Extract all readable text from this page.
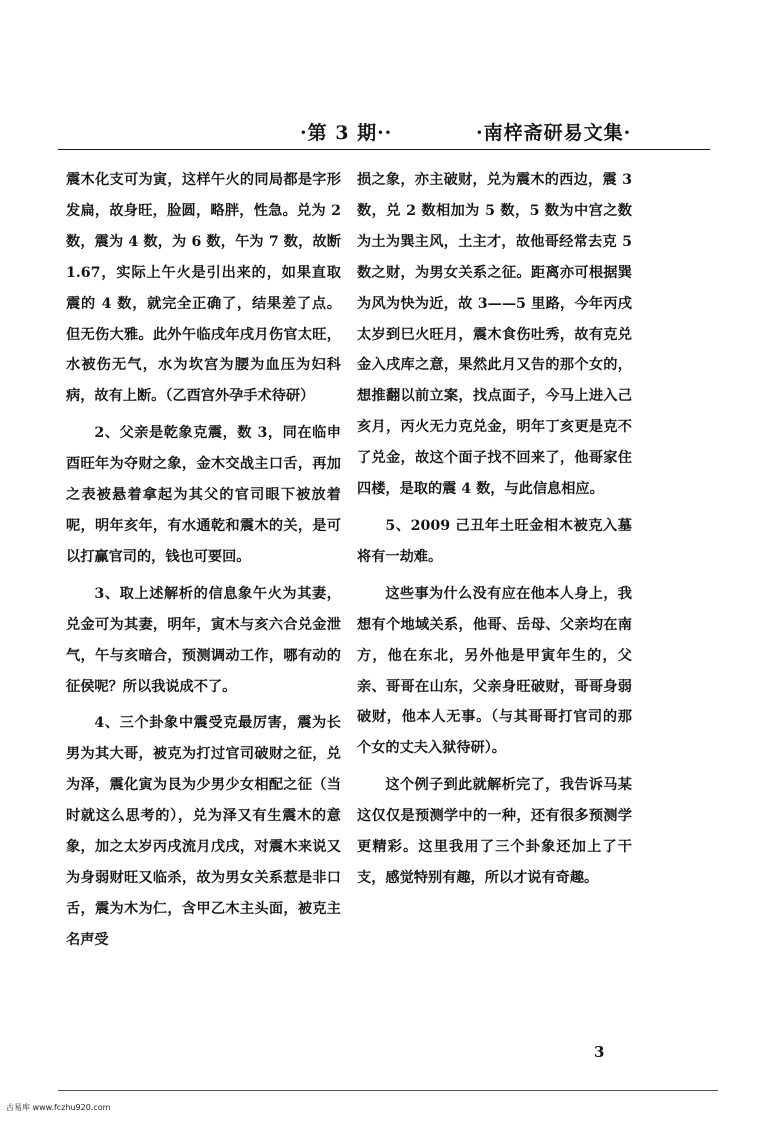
·第 3 期··	·南梓斋研易文集·

震木化支可为寅，这样午火的同局都是字形发扁，故身旺，脸圆，略胖，性急。兑为 2 数，震为 4 数，为 6 数，午为 7 数，故断 1.67，实际上午火是引出来的，如果直取震的 4 数，就完全正确了，结果差了点。但无伤大雅。此外午临戌年戌月伤官太旺，水被伤无气，水为坎宫为腰为血压为妇科病，故有上断。（乙酉宫外孕手术待研）

2、父亲是乾象克震，数 3，同在临申酉旺年为夺财之象，金木交战主口舌，再加之表被悬着拿起为其父的官司眼下被放着呢，明年亥年，有水通乾和震木的关，是可以打赢官司的，钱也可要回。

3、取上述解析的信息象午火为其妻，兑金可为其妻，明年，寅木与亥六合兑金泄气，午与亥暗合，预测调动工作，哪有动的征侯呢？所以我说成不了。

4、三个卦象中震受克最厉害，震为长男为其大哥，被克为打过官司破财之征，兑为泽，震化寅为艮为少男少女相配之征（当时就这么思考的），兑为泽又有生震木的意象，加之太岁丙戌流月戊戌，对震木来说又为身弱财旺又临杀，故为男女关系惹是非口舌，震为木为仁，含甲乙木主头面，被克主名声受

损之象，亦主破财，兑为震木的西边，震 3 数，兑 2 数相加为 5 数，5 数为中宫之数为土为巽主风，土主才，故他哥经常去克 5 数之财，为男女关系之征。距离亦可根据巽为风为快为近，故 3——5 里路，今年丙戌太岁到巳火旺月，震木食伤吐秀，故有克兑金入戌库之意，果然此月又告的那个女的，想推翻以前立案，找点面子，今马上进入己亥月，丙火无力克兑金，明年丁亥更是克不了兑金，故这个面子找不回来了，他哥家住四楼，是取的震 4 数，与此信息相应。

5、2009 己丑年土旺金相木被克入墓将有一劫难。

这些事为什么没有应在他本人身上，我想有个地域关系，他哥、岳母、父亲均在南方，他在东北，另外他是甲寅年生的，父亲、哥哥在山东，父亲身旺破财，哥哥身弱破财，他本人无事。（与其哥哥打官司的那个女的丈夫入狱待研）。

这个例子到此就解析完了，我告诉马某这仅仅是预测学中的一种，还有很多预测学更精彩。这里我用了三个卦象还加上了干支，感觉特别有趣，所以才说有奇趣。

3
古易库 www.fczhu920.com
